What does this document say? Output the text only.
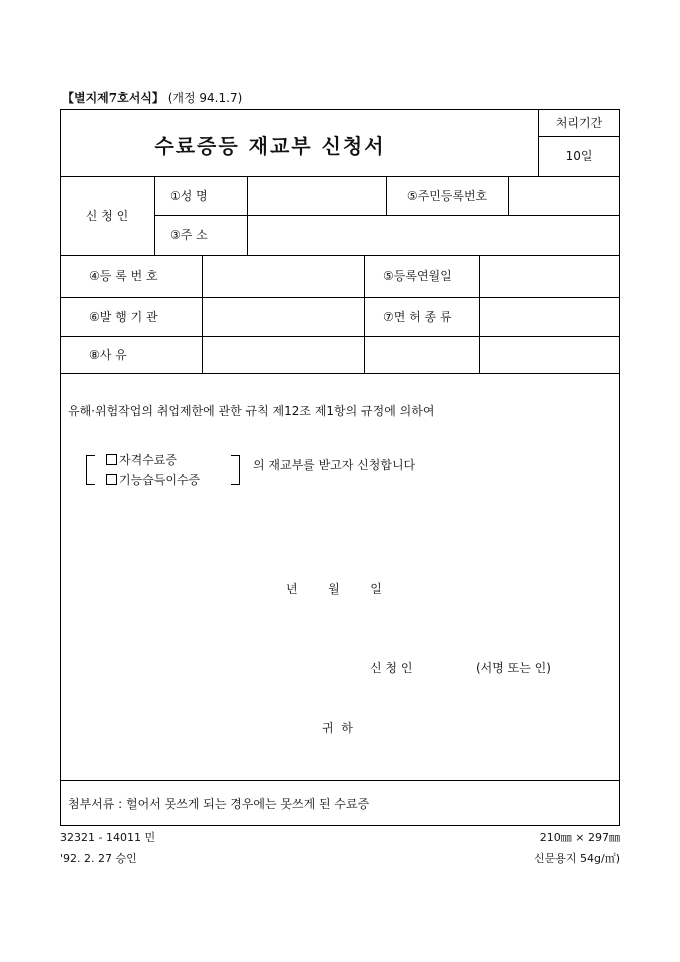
【별지제7호서식】 (개정 94.1.7)
수료증등 재교부 신청서
처리기간
10일
신 청 인
①성 명	⑤주민등록번호
③주 소
④등 록 번 호	⑤등록연월일
⑥발 행 기 관	⑦면 허 종 류
⑧사 유
유해·위험작업의 취업제한에 관한 규칙 제12조 제1항의 규정에 의하여
자격수료증
기능습득이수증
의 재교부를 받고자 신청합니다
년        월        일
신 청 인	(서명 또는 인)
귀  하
첨부서류 : 헐어서 못쓰게 되는 경우에는 못쓰게 된 수료증
32321 - 14011 민
'92. 2. 27 승인
210㎜ × 297㎜
신문용지 54g/㎡)
